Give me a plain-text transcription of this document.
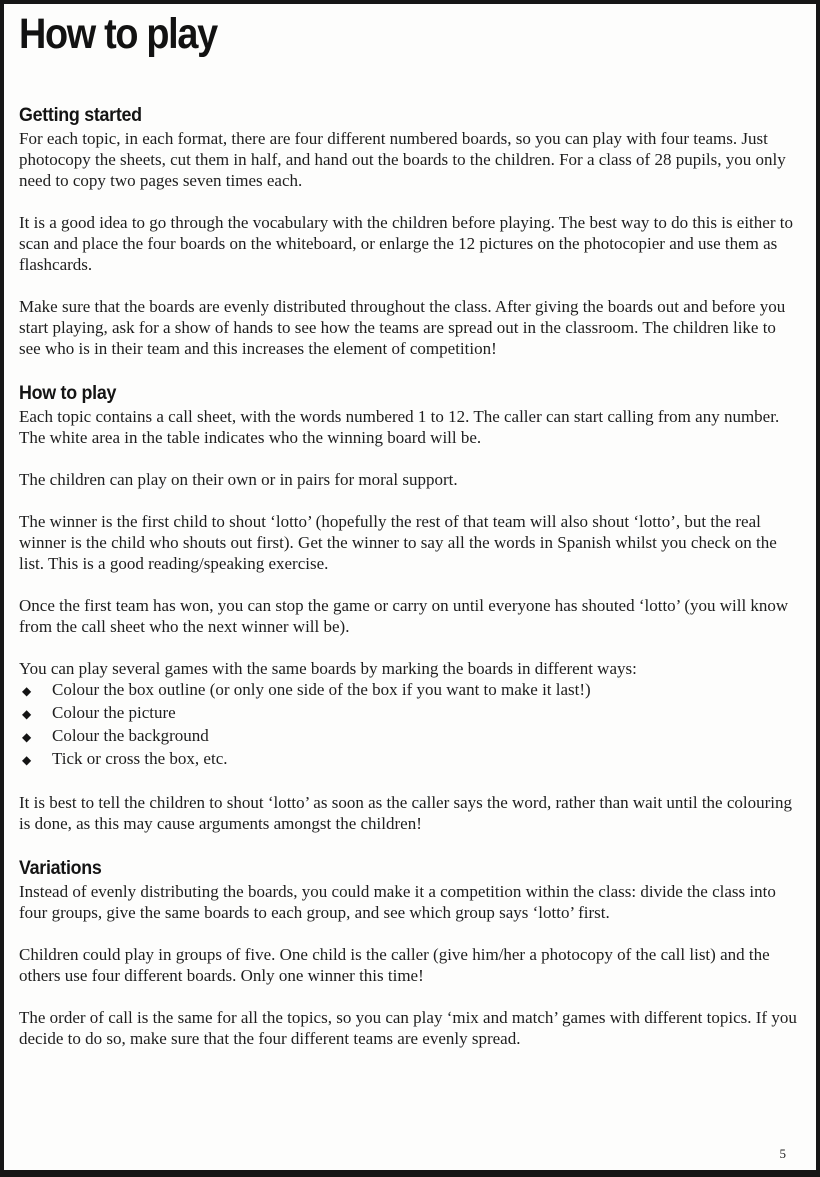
How to play
Getting started

For each topic, in each format, there are four different numbered boards, so you can play with four teams. Just photocopy the sheets, cut them in half, and hand out the boards to the children. For a class of 28 pupils, you only need to copy two pages seven times each.

It is a good idea to go through the vocabulary with the children before playing. The best way to do this is either to scan and place the four boards on the whiteboard, or enlarge the 12 pictures on the photocopier and use them as flashcards.

Make sure that the boards are evenly distributed throughout the class. After giving the boards out and before you start playing, ask for a show of hands to see how the teams are spread out in the classroom. The children like to see who is in their team and this increases the element of competition!

How to play

Each topic contains a call sheet, with the words numbered 1 to 12. The caller can start calling from any number. The white area in the table indicates who the winning board will be.

The children can play on their own or in pairs for moral support.

The winner is the first child to shout ‘lotto’ (hopefully the rest of that team will also shout ‘lotto’, but the real winner is the child who shouts out first). Get the winner to say all the words in Spanish whilst you check on the list. This is a good reading/speaking exercise.

Once the first team has won, you can stop the game or carry on until everyone has shouted ‘lotto’ (you will know from the call sheet who the next winner will be).

You can play several games with the same boards by marking the boards in different ways:

◆	Colour the box outline (or only one side of the box if you want to make it last!)
◆	Colour the picture
◆	Colour the background
◆	Tick or cross the box, etc.

It is best to tell the children to shout ‘lotto’ as soon as the caller says the word, rather than wait until the colouring is done, as this may cause arguments amongst the children!

Variations

Instead of evenly distributing the boards, you could make it a competition within the class: divide the class into four groups, give the same boards to each group, and see which group says ‘lotto’ first.

Children could play in groups of five. One child is the caller (give him/her a photocopy of the call list) and the others use four different boards. Only one winner this time!

The order of call is the same for all the topics, so you can play ‘mix and match’ games with different topics. If you decide to do so, make sure that the four different teams are evenly spread.

5
